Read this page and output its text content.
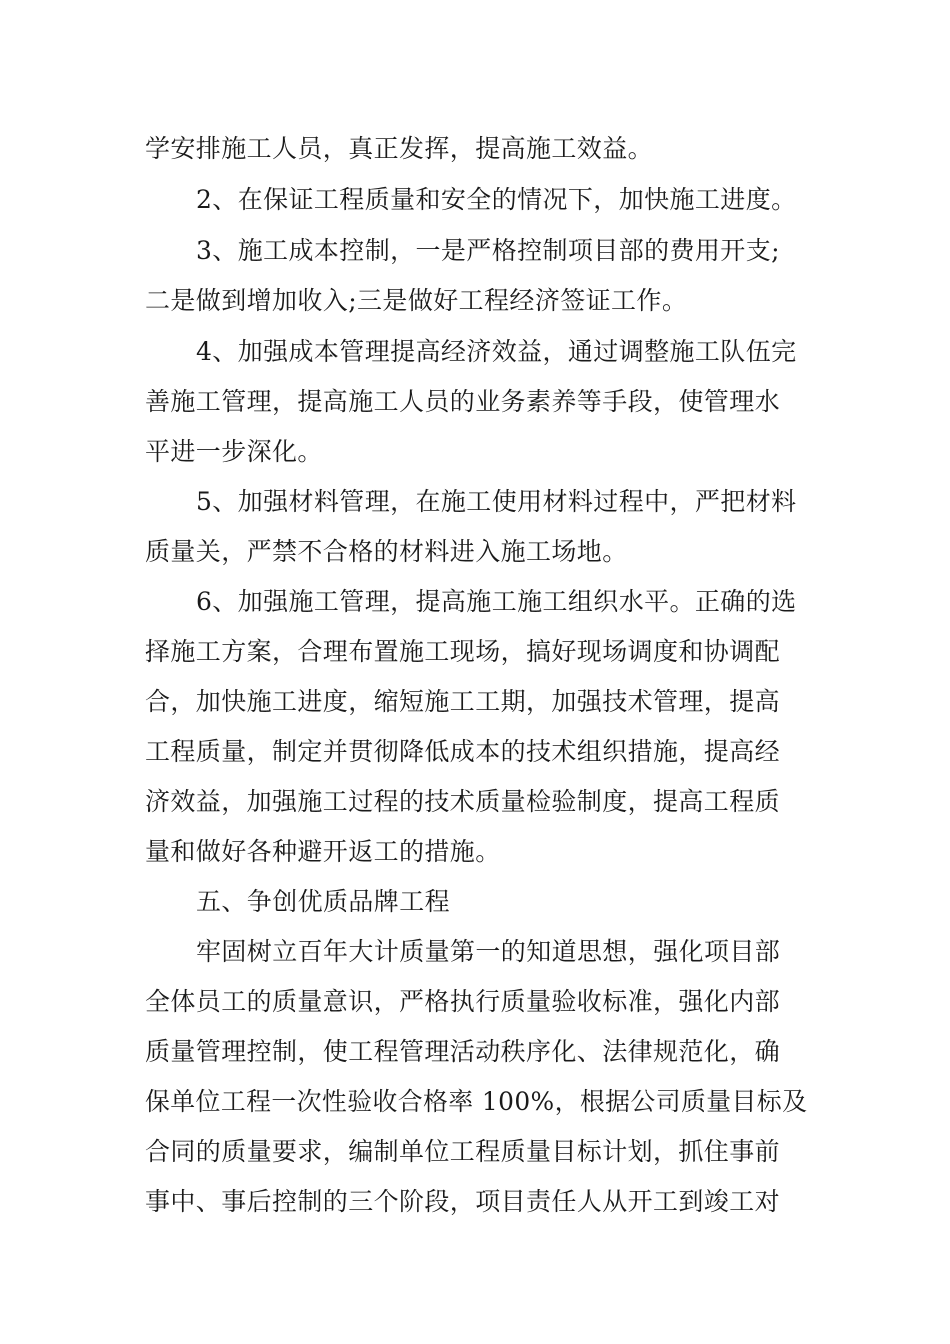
学安排施工人员，真正发挥，提高施工效益。
2、在保证工程质量和安全的情况下，加快施工进度。
3、施工成本控制，一是严格控制项目部的费用开支;
二是做到增加收入;三是做好工程经济签证工作。
4、加强成本管理提高经济效益，通过调整施工队伍完
善施工管理，提高施工人员的业务素养等手段，使管理水
平进一步深化。
5、加强材料管理，在施工使用材料过程中，严把材料
质量关，严禁不合格的材料进入施工场地。
6、加强施工管理，提高施工施工组织水平。正确的选
择施工方案，合理布置施工现场，搞好现场调度和协调配
合，加快施工进度，缩短施工工期，加强技术管理，提高
工程质量，制定并贯彻降低成本的技术组织措施，提高经
济效益，加强施工过程的技术质量检验制度，提高工程质
量和做好各种避开返工的措施。
五、争创优质品牌工程
牢固树立百年大计质量第一的知道思想，强化项目部
全体员工的质量意识，严格执行质量验收标准，强化内部
质量管理控制，使工程管理活动秩序化、法律规范化，确
保单位工程一次性验收合格率 100%，根据公司质量目标及
合同的质量要求，编制单位工程质量目标计划，抓住事前
事中、事后控制的三个阶段，项目责任人从开工到竣工对
